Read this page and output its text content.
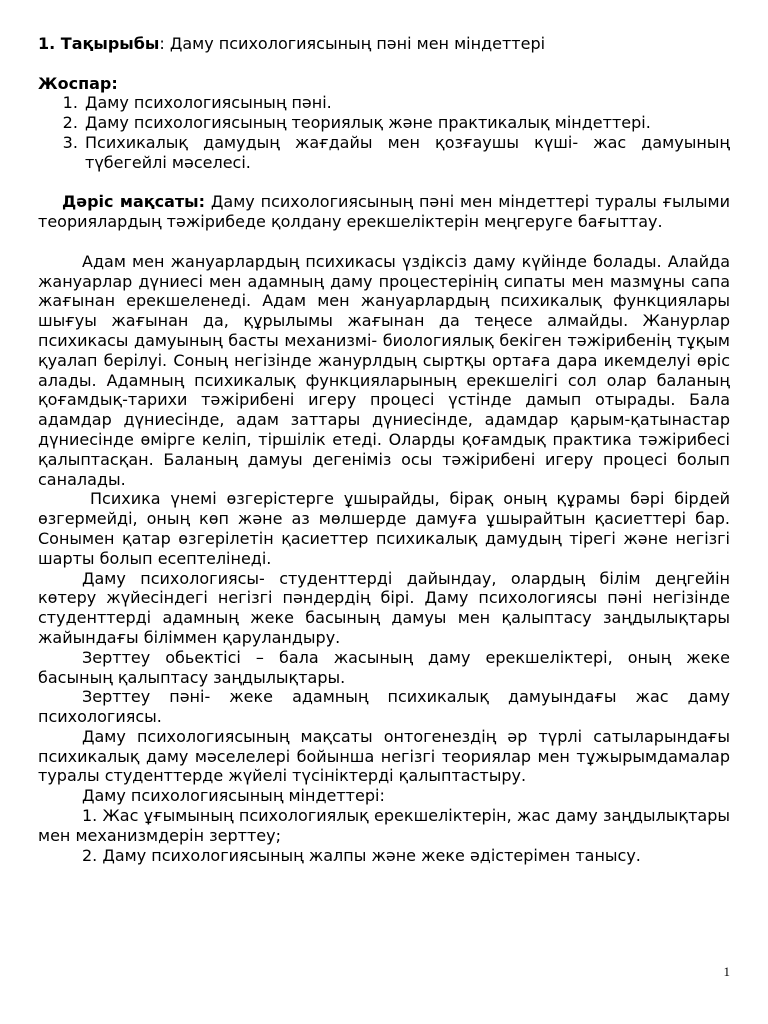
1. Тақырыбы: Даму психологиясының пәні мен міндеттері

Жоспар:

1. Даму психологиясының пәні.
2. Даму психологиясының теориялық және практикалық міндеттері.
3. Психикалық дамудың жағдайы мен қозғаушы күші- жас дамуының түбегейлі мәселесі.

Дәріс мақсаты: Даму психологиясының пәні мен міндеттері туралы ғылыми теориялардың тәжірибеде қолдану ерекшеліктерін меңгеруге бағыттау.

Адам мен жануарлардың психикасы үздіксіз даму күйінде болады. Алайда жануарлар дүниесі мен адамның даму процестерінің сипаты мен мазмұны сапа жағынан ерекшеленеді. Адам мен жануарлардың психикалық функциялары шығуы жағынан да, құрылымы жағынан да теңесе алмайды. Жанурлар психикасы дамуының басты механизмі- биологиялық бекіген тәжірибенің тұқым қуалап берілуі. Соның негізінде жанурлдың сыртқы ортаға дара икемделуі өріс алады. Адамның психикалық функцияларының ерекшелігі сол олар баланың қоғамдық-тарихи тәжірибені игеру процесі үстінде дамып отырады. Бала адамдар дүниесінде, адам заттары дүниесінде, адамдар қарым-қатынастар дүниесінде өмірге келіп, тіршілік етеді. Оларды қоғамдық практика тәжірибесі қалыптасқан. Баланың дамуы дегеніміз осы тәжірибені игеру процесі болып саналады.

Психика үнемі өзгерістерге ұшырайды, бірақ оның құрамы бәрі бірдей өзгермейді, оның көп және аз мөлшерде дамуға ұшырайтын қасиеттері бар. Сонымен қатар өзгерілетін қасиеттер психикалық дамудың тірегі және негізгі шарты болып есептелінеді.

Даму психологиясы- студенттерді дайындау, олардың білім деңгейін көтеру жүйесіндегі негізгі пәндердің бірі. Даму психологиясы пәні негізінде студенттерді адамның жеке басының дамуы мен қалыптасу заңдылықтары жайындағы біліммен қаруландыру.

Зерттеу обьектісі – бала жасының даму ерекшеліктері, оның жеке басының қалыптасу заңдылықтары.

Зерттеу пәні- жеке адамның психикалық дамуындағы жас даму психологиясы.

Даму психологиясының мақсаты онтогенездің әр түрлі сатыларындағы психикалық даму мәселелері бойынша негізгі теориялар мен тұжырымдамалар туралы студенттерде жүйелі түсініктерді қалыптастыру.

Даму психологиясының міндеттері:

1. Жас ұғымының психологиялық ерекшеліктерін, жас даму заңдылықтары мен механизмдерін зерттеу;

2. Даму психологиясының жалпы және жеке әдістерімен танысу.

1
